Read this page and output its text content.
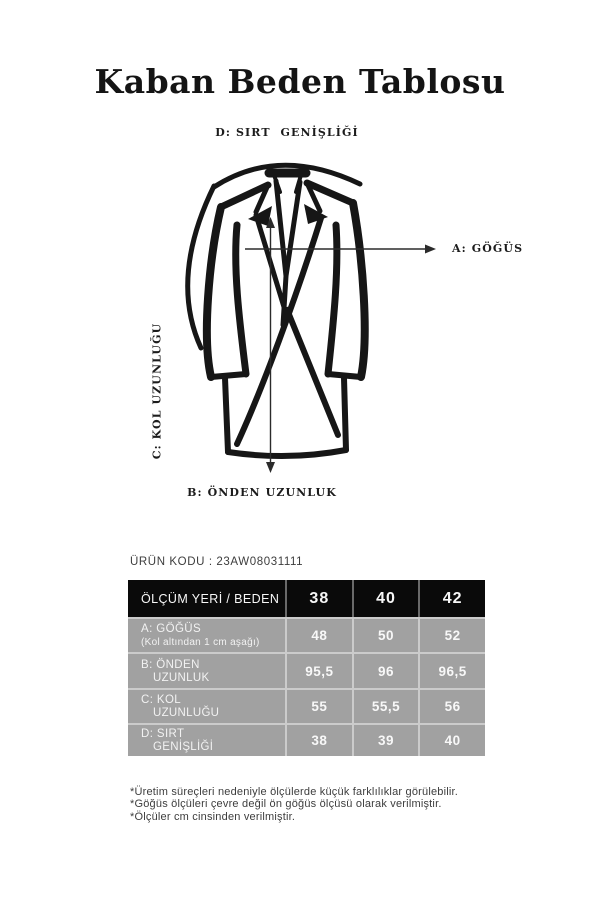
Kaban Beden Tablosu
D: SIRT  GENİŞLİĞİ
A: GÖĞÜS
C: KOL UZUNLUĞU
B: ÖNDEN UZUNLUK
ÜRÜN KODU : 23AW08031111
ÖLÇÜM YERİ / BEDEN	38	40	42
A: GÖĞÜS
(Kol altından 1 cm aşağı)	48	50	52
B: ÖNDEN
UZUNLUK	95,5	96	96,5
C: KOL
UZUNLUĞU	55	55,5	56
D: SIRT
GENİŞLİĞİ	38	39	40
*Üretim süreçleri nedeniyle ölçülerde küçük farklılıklar görülebilir.
*Göğüs ölçüleri çevre değil ön göğüs ölçüsü olarak verilmiştir.
*Ölçüler cm cinsinden verilmiştir.
